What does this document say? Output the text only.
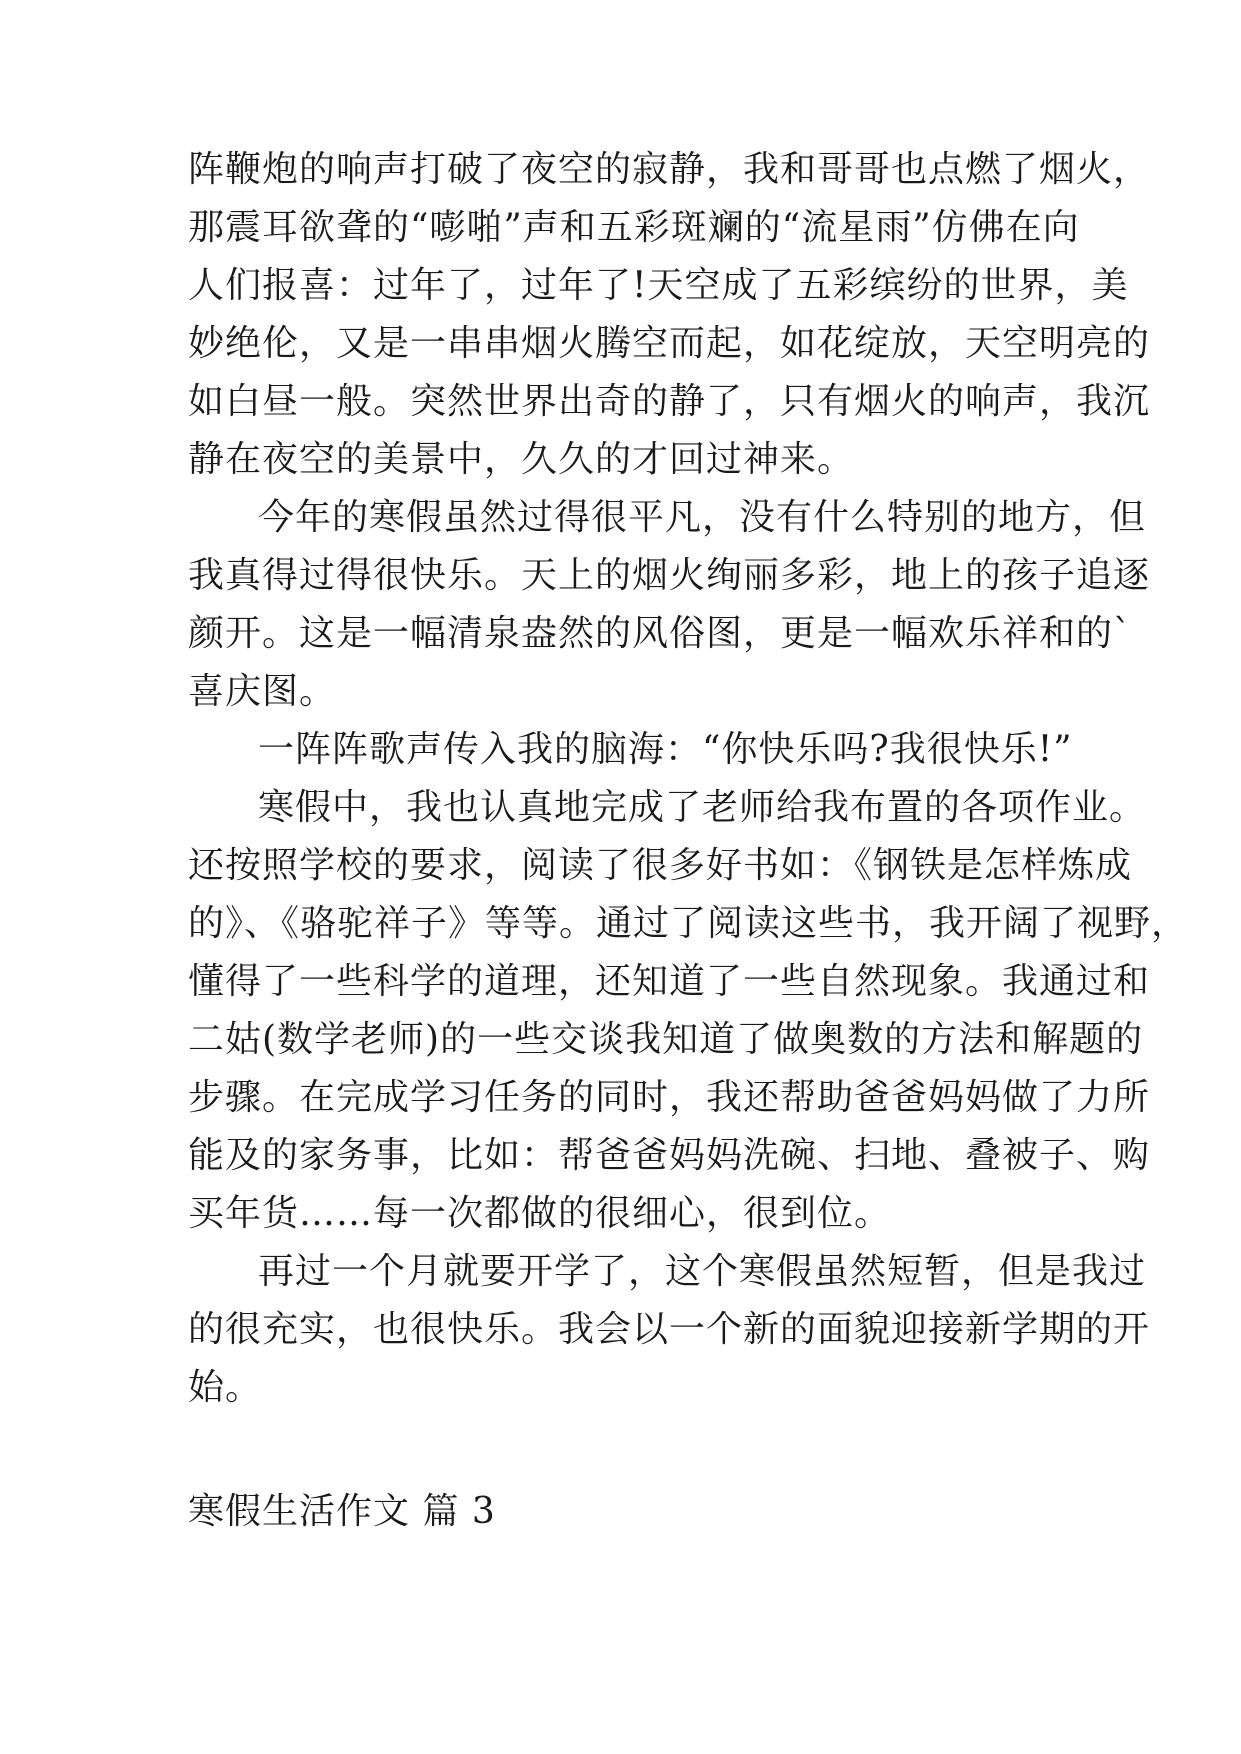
阵鞭炮的响声打破了夜空的寂静，我和哥哥也点燃了烟火，
那震耳欲聋的“嘭啪”声和五彩斑斓的“流星雨”仿佛在向
人们报喜：过年了，过年了!天空成了五彩缤纷的世界，美
妙绝伦，又是一串串烟火腾空而起，如花绽放，天空明亮的
如白昼一般。突然世界出奇的静了，只有烟火的响声，我沉
静在夜空的美景中，久久的才回过神来。
今年的寒假虽然过得很平凡，没有什么特别的地方，但
我真得过得很快乐。天上的烟火绚丽多彩，地上的孩子追逐
颜开。这是一幅清泉盎然的风俗图，更是一幅欢乐祥和的`
喜庆图。
一阵阵歌声传入我的脑海：“你快乐吗?我很快乐!”
寒假中，我也认真地完成了老师给我布置的各项作业。
还按照学校的要求，阅读了很多好书如：《钢铁是怎样炼成
的》、《骆驼祥子》等等。通过了阅读这些书，我开阔了视野，
懂得了一些科学的道理，还知道了一些自然现象。我通过和
二姑(数学老师)的一些交谈我知道了做奥数的方法和解题的
步骤。在完成学习任务的同时，我还帮助爸爸妈妈做了力所
能及的家务事，比如：帮爸爸妈妈洗碗、扫地、叠被子、购
买年货……每一次都做的很细心，很到位。
再过一个月就要开学了，这个寒假虽然短暂，但是我过
的很充实，也很快乐。我会以一个新的面貌迎接新学期的开
始。
寒假生活作文 篇 3
